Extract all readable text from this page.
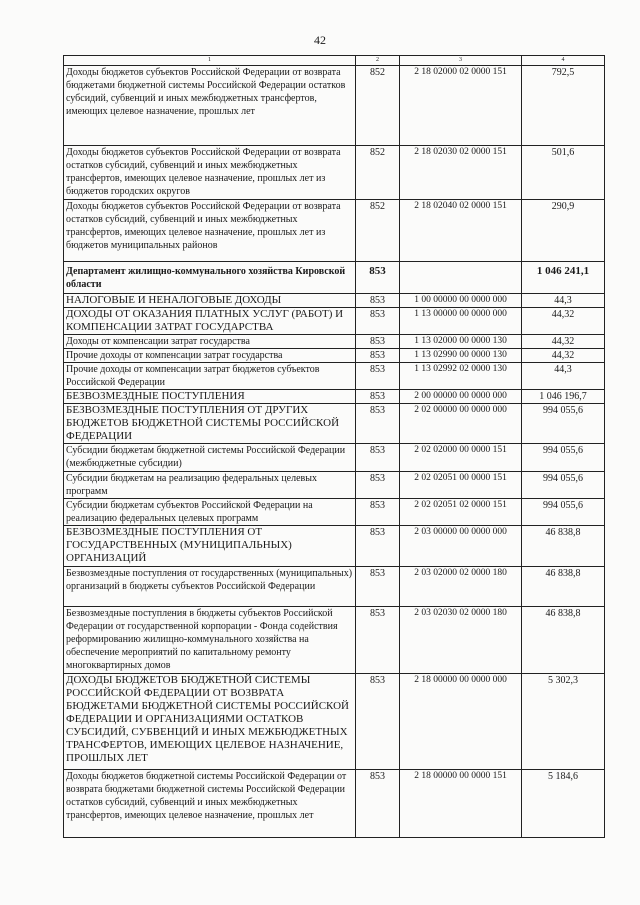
42
1	2	3	4
Доходы бюджетов субъектов Российской Федерации от возврата бюджетами бюджетной системы Российской Федерации остатков субсидий, субвенций и иных межбюджетных трансфертов, имеющих целевое назначение, прошлых лет	852	2 18 02000 02 0000 151	792,5
Доходы бюджетов субъектов Российской Федерации от возврата остатков субсидий, субвенций и иных межбюджетных трансфертов, имеющих целевое назначение, прошлых лет из бюджетов городских округов	852	2 18 02030 02 0000 151	501,6
Доходы бюджетов субъектов Российской Федерации от возврата остатков субсидий, субвенций и иных межбюджетных трансфертов, имеющих целевое назначение, прошлых лет из бюджетов муниципальных районов	852	2 18 02040 02 0000 151	290,9
Департамент жилищно-коммунального хозяйства Кировской области	853		1 046 241,1
НАЛОГОВЫЕ И НЕНАЛОГОВЫЕ ДОХОДЫ	853	1 00 00000 00 0000 000	44,3
ДОХОДЫ ОТ ОКАЗАНИЯ ПЛАТНЫХ УСЛУГ (РАБОТ) И КОМПЕНСАЦИИ ЗАТРАТ ГОСУДАРСТВА	853	1 13 00000 00 0000 000	44,32
Доходы от компенсации затрат государства	853	1 13 02000 00 0000 130	44,32
Прочие доходы от компенсации затрат государства	853	1 13 02990 00 0000 130	44,32
Прочие доходы от компенсации затрат бюджетов субъектов Российской Федерации	853	1 13 02992 02 0000 130	44,3
БЕЗВОЗМЕЗДНЫЕ ПОСТУПЛЕНИЯ	853	2 00 00000 00 0000 000	1 046 196,7
БЕЗВОЗМЕЗДНЫЕ ПОСТУПЛЕНИЯ ОТ ДРУГИХ БЮДЖЕТОВ БЮДЖЕТНОЙ СИСТЕМЫ РОССИЙСКОЙ ФЕДЕРАЦИИ	853	2 02 00000 00 0000 000	994 055,6
Субсидии бюджетам бюджетной системы Российской Федерации (межбюджетные субсидии)	853	2 02 02000 00 0000 151	994 055,6
Субсидии бюджетам на реализацию федеральных целевых программ	853	2 02 02051 00 0000 151	994 055,6
Субсидии бюджетам субъектов Российской Федерации на реализацию федеральных целевых программ	853	2 02 02051 02 0000 151	994 055,6
БЕЗВОЗМЕЗДНЫЕ ПОСТУПЛЕНИЯ ОТ ГОСУДАРСТВЕННЫХ (МУНИЦИПАЛЬНЫХ) ОРГАНИЗАЦИЙ	853	2 03 00000 00 0000 000	46 838,8
Безвозмездные поступления от государственных (муниципальных) организаций в бюджеты субъектов Российской Федерации	853	2 03 02000 02 0000 180	46 838,8
Безвозмездные поступления в бюджеты субъектов Российской Федерации от государственной корпорации - Фонда содействия реформированию жилищно-коммунального хозяйства на обеспечение мероприятий по капитальному ремонту многоквартирных домов	853	2 03 02030 02 0000 180	46 838,8
ДОХОДЫ БЮДЖЕТОВ БЮДЖЕТНОЙ СИСТЕМЫ РОССИЙСКОЙ ФЕДЕРАЦИИ ОТ ВОЗВРАТА БЮДЖЕТАМИ БЮДЖЕТНОЙ СИСТЕМЫ РОССИЙСКОЙ ФЕДЕРАЦИИ И ОРГАНИЗАЦИЯМИ ОСТАТКОВ СУБСИДИЙ, СУБВЕНЦИЙ И ИНЫХ МЕЖБЮДЖЕТНЫХ ТРАНСФЕРТОВ, ИМЕЮЩИХ ЦЕЛЕВОЕ НАЗНАЧЕНИЕ, ПРОШЛЫХ ЛЕТ	853	2 18 00000 00 0000 000	5 302,3
Доходы бюджетов бюджетной системы Российской Федерации от возврата бюджетами бюджетной системы Российской Федерации остатков субсидий, субвенций и иных межбюджетных трансфертов, имеющих целевое назначение, прошлых лет	853	2 18 00000 00 0000 151	5 184,6
